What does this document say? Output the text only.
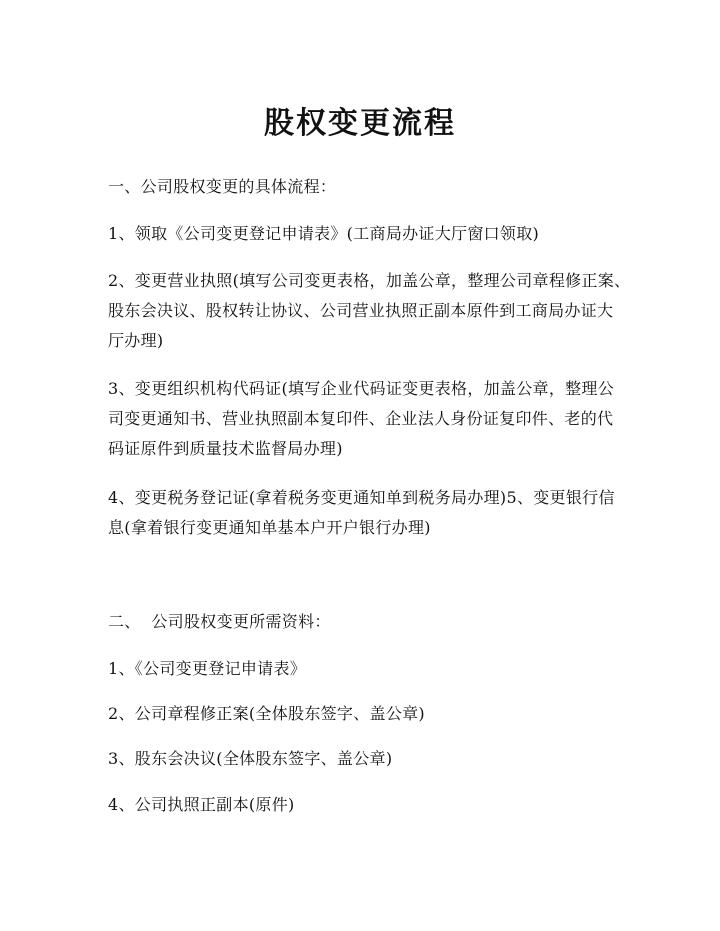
股权变更流程
一、公司股权变更的具体流程：
1、领取《公司变更登记申请表》(工商局办证大厅窗口领取)
2、变更营业执照(填写公司变更表格，加盖公章，整理公司章程修正案、
股东会决议、股权转让协议、公司营业执照正副本原件到工商局办证大
厅办理)
3、变更组织机构代码证(填写企业代码证变更表格，加盖公章，整理公
司变更通知书、营业执照副本复印件、企业法人身份证复印件、老的代
码证原件到质量技术监督局办理)
4、变更税务登记证(拿着税务变更通知单到税务局办理)5、变更银行信
息(拿着银行变更通知单基本户开户银行办理)
二、  公司股权变更所需资料：
1、《公司变更登记申请表》
2、公司章程修正案(全体股东签字、盖公章)
3、股东会决议(全体股东签字、盖公章)
4、公司执照正副本(原件)
